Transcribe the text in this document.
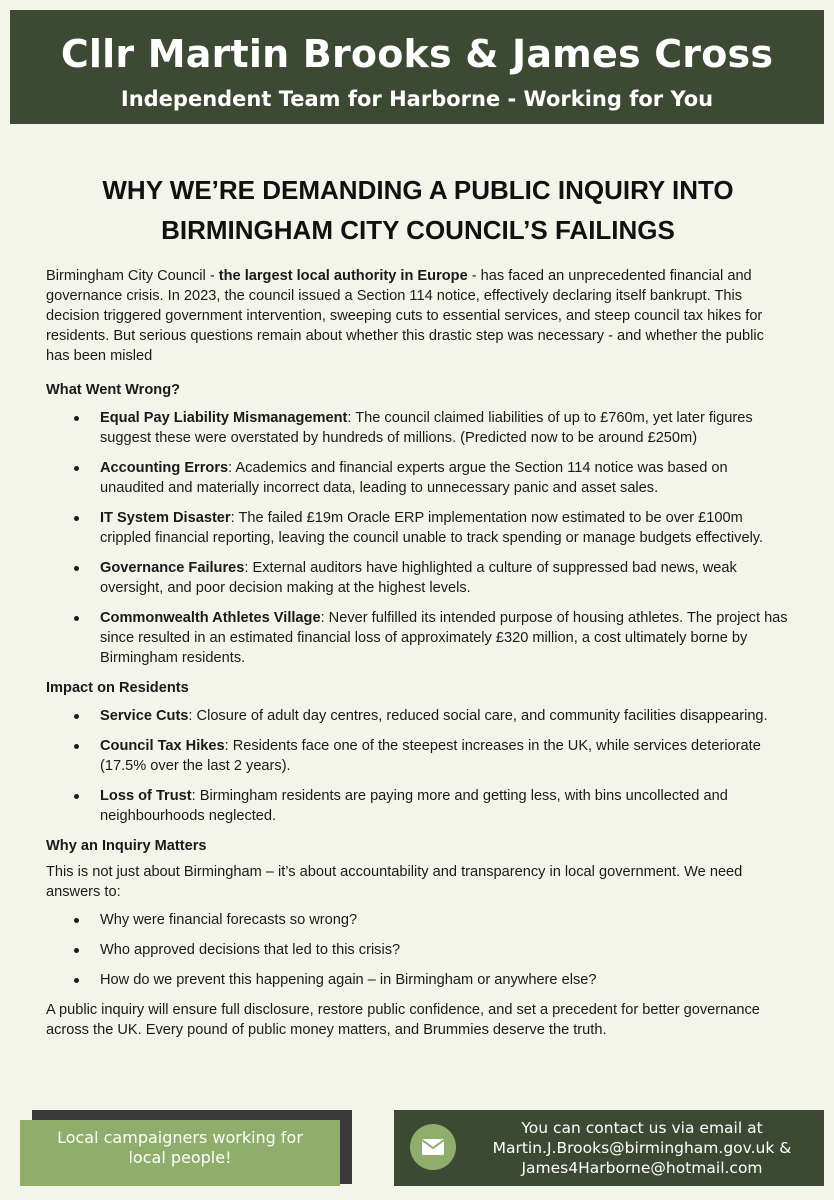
Cllr Martin Brooks & James Cross
Independent Team for Harborne - Working for You
WHY WE’RE DEMANDING A PUBLIC INQUIRY INTO
BIRMINGHAM CITY COUNCIL’S FAILINGS

Birmingham City Council - the largest local authority in Europe - has faced an unprecedented financial and governance crisis. In 2023, the council issued a Section 114 notice, effectively declaring itself bankrupt. This decision triggered government intervention, sweeping cuts to essential services, and steep council tax hikes for residents. But serious questions remain about whether this drastic step was necessary - and whether the public has been misled

What Went Wrong?
Equal Pay Liability Mismanagement: The council claimed liabilities of up to £760m, yet later figures suggest these were overstated by hundreds of millions. (Predicted now to be around £250m)
Accounting Errors: Academics and financial experts argue the Section 114 notice was based on unaudited and materially incorrect data, leading to unnecessary panic and asset sales.
IT System Disaster: The failed £19m Oracle ERP implementation now estimated to be over £100m crippled financial reporting, leaving the council unable to track spending or manage budgets effectively.
Governance Failures: External auditors have highlighted a culture of suppressed bad news, weak oversight, and poor decision making at the highest levels.
Commonwealth Athletes Village: Never fulfilled its intended purpose of housing athletes. The project has since resulted in an estimated financial loss of approximately £320 million, a cost ultimately borne by Birmingham residents.
Impact on Residents
Service Cuts: Closure of adult day centres, reduced social care, and community facilities disappearing.
Council Tax Hikes: Residents face one of the steepest increases in the UK, while services deteriorate (17.5% over the last 2 years).
Loss of Trust: Birmingham residents are paying more and getting less, with bins uncollected and neighbourhoods neglected.
Why an Inquiry Matters

This is not just about Birmingham – it’s about accountability and transparency in local government. We need answers to:

Why were financial forecasts so wrong?
Who approved decisions that led to this crisis?
How do we prevent this happening again – in Birmingham or anywhere else?

A public inquiry will ensure full disclosure, restore public confidence, and set a precedent for better governance across the UK. Every pound of public money matters, and Brummies deserve the truth.

Local campaigners working for
local people!
You can contact us via email at
Martin.J.Brooks@birmingham.gov.uk &
James4Harborne@hotmail.com
